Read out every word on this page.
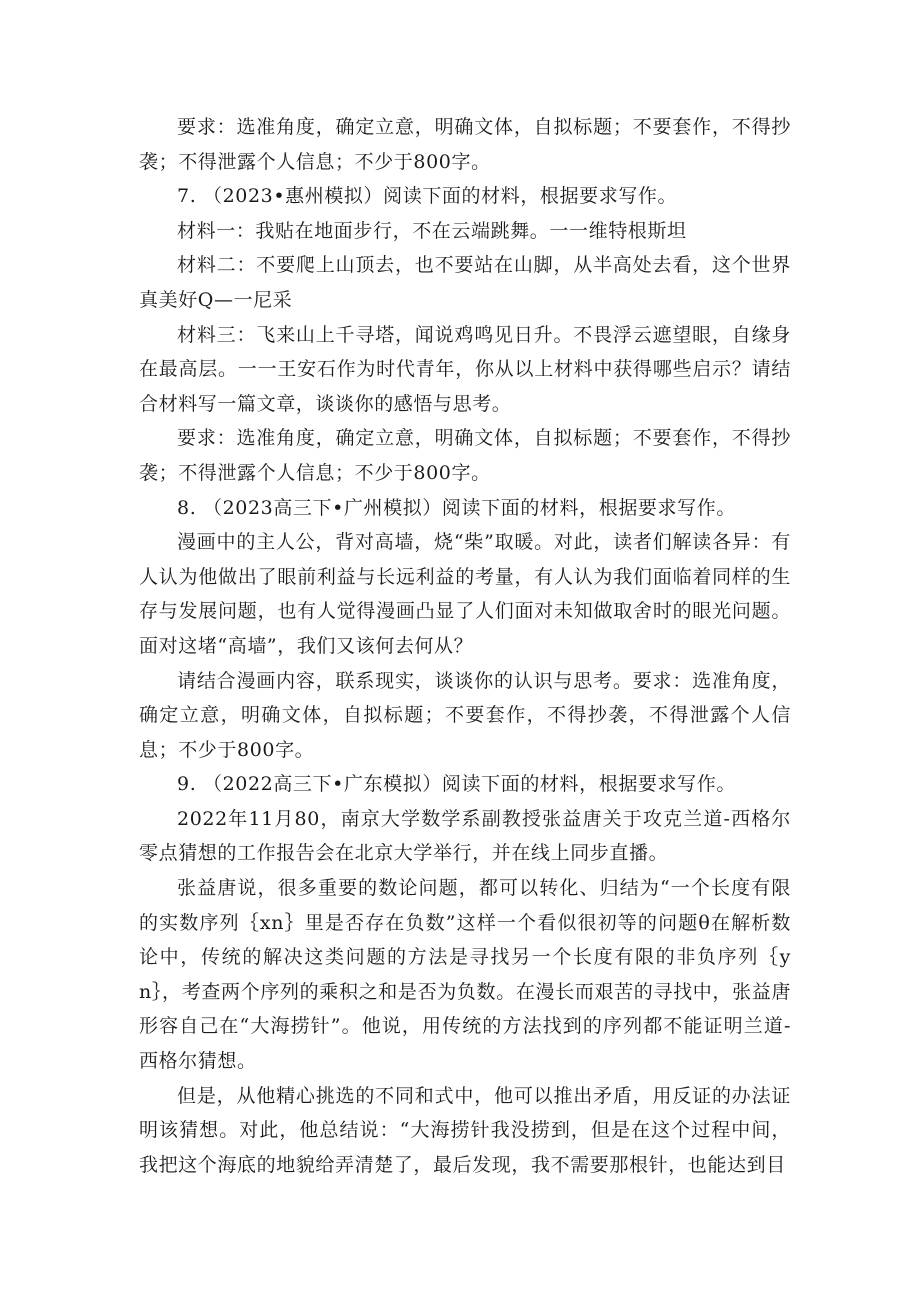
要求：选准角度，确定立意，明确文体，自拟标题；不要套作，不得抄袭；不得泄露个人信息；不少于800字。

7. （2023•惠州模拟）阅读下面的材料，根据要求写作。

材料一：我贴在地面步行，不在云端跳舞。一一维特根斯坦

材料二：不要爬上山顶去，也不要站在山脚，从半高处去看，这个世界真美好Q—一尼采

材料三：飞来山上千寻塔，闻说鸡鸣见日升。不畏浮云遮望眼，自缘身在最高层。一一王安石作为时代青年，你从以上材料中获得哪些启示？请结合材料写一篇文章，谈谈你的感悟与思考。

要求：选准角度，确定立意，明确文体，自拟标题；不要套作，不得抄袭；不得泄露个人信息；不少于800字。

8. （2023高三下•广州模拟）阅读下面的材料，根据要求写作。

漫画中的主人公，背对高墙，烧“柴”取暖。对此，读者们解读各异：有人认为他做出了眼前利益与长远利益的考量，有人认为我们面临着同样的生存与发展问题，也有人觉得漫画凸显了人们面对未知做取舍时的眼光问题。面对这堵“高墙”，我们又该何去何从？

请结合漫画内容，联系现实，谈谈你的认识与思考。要求：选准角度，确定立意，明确文体，自拟标题；不要套作，不得抄袭，不得泄露个人信息；不少于800字。

9. （2022高三下•广东模拟）阅读下面的材料，根据要求写作。

2022年11月80，南京大学数学系副教授张益唐关于攻克兰道-西格尔零点猜想的工作报告会在北京大学举行，并在线上同步直播。

张益唐说，很多重要的数论问题，都可以转化、归结为“一个长度有限的实数序列｛xn｝里是否存在负数”这样一个看似很初等的问题θ在解析数论中，传统的解决这类问题的方法是寻找另一个长度有限的非负序列｛yn｝，考查两个序列的乘积之和是否为负数。在漫长而艰苦的寻找中，张益唐形容自己在“大海捞针”。他说，用传统的方法找到的序列都不能证明兰道-西格尔猜想。

但是，从他精心挑选的不同和式中，他可以推出矛盾，用反证的办法证明该猜想。对此，他总结说：“大海捞针我没捞到，但是在这个过程中间，我把这个海底的地貌给弄清楚了，最后发现，我不需要那根针，也能达到目
